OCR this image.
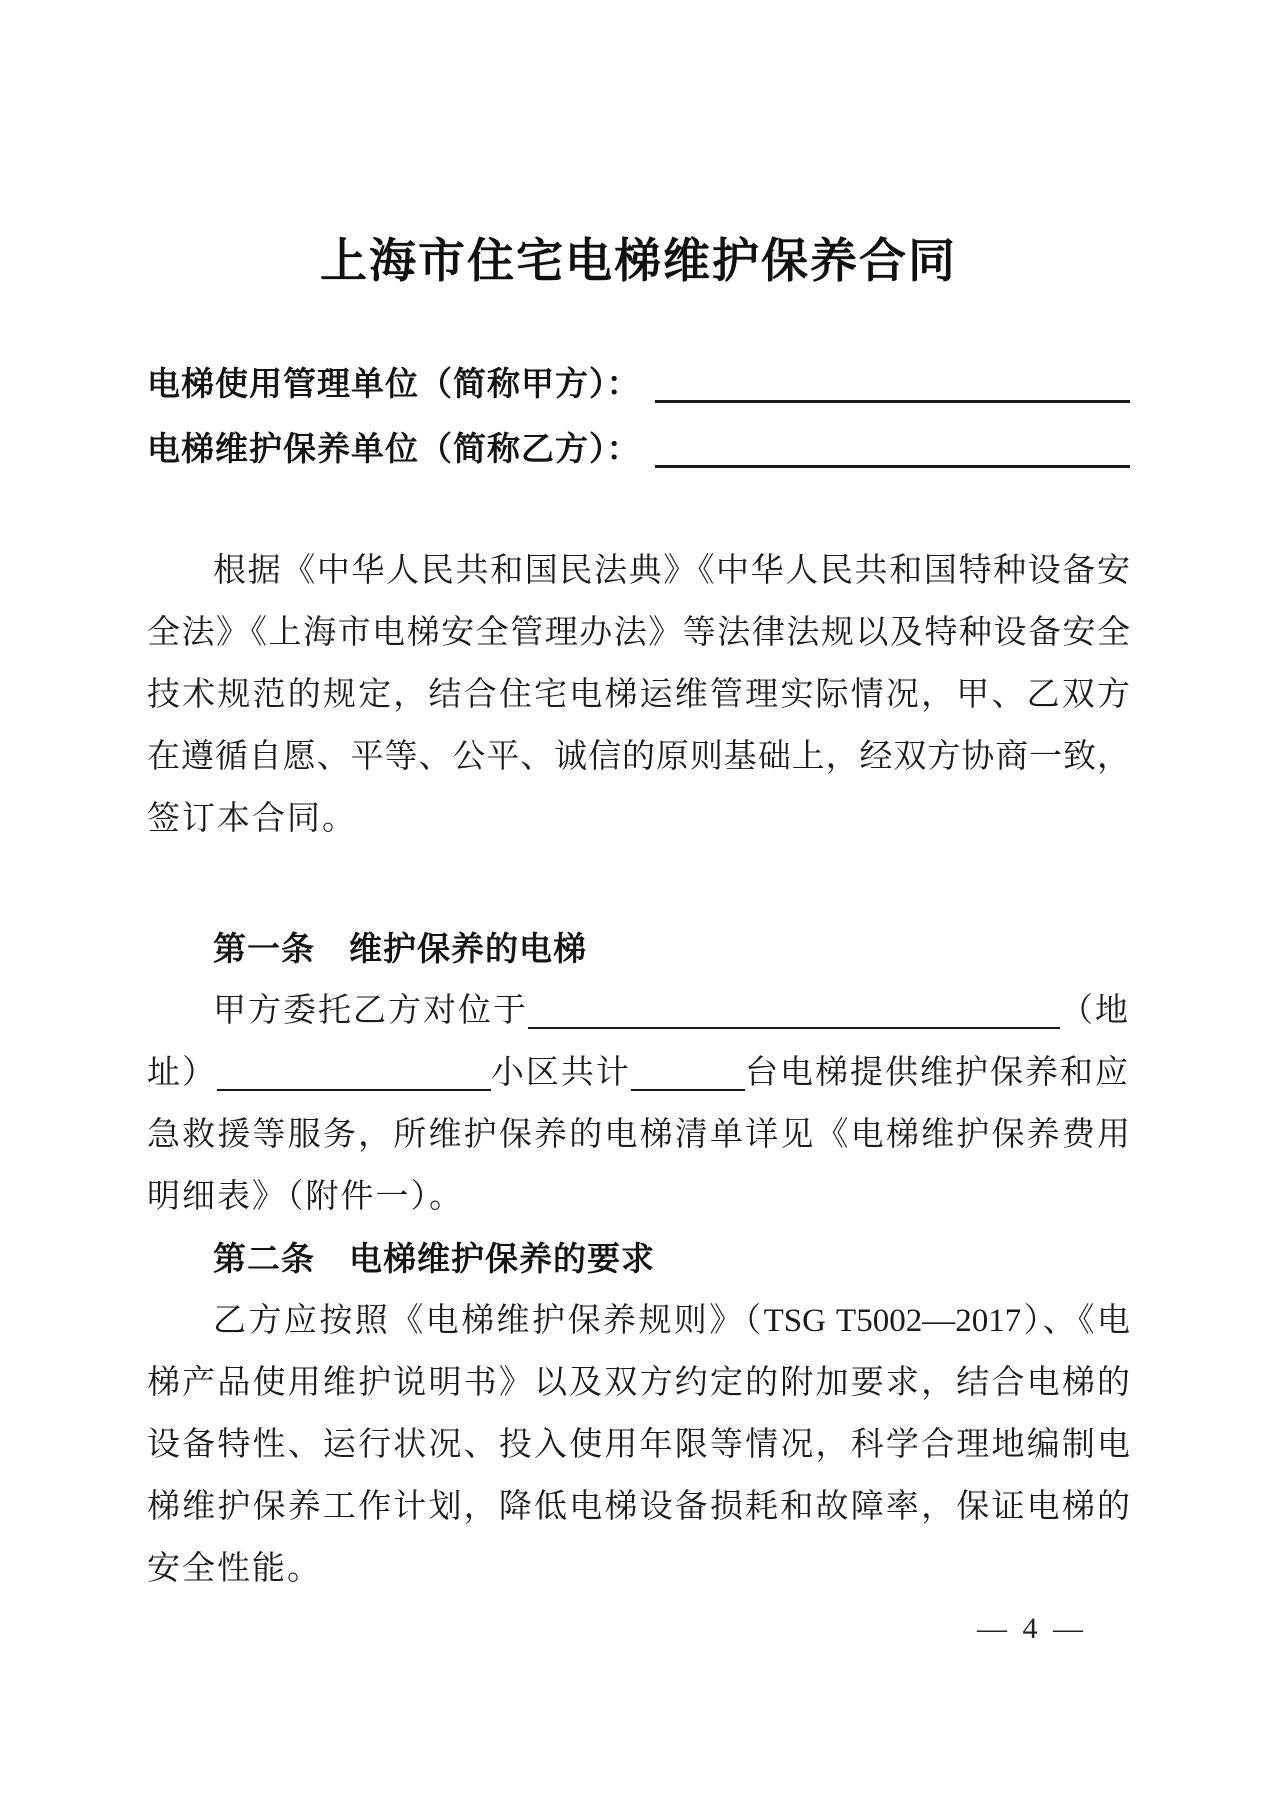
上海市住宅电梯维护保养合同
电梯使用管理单位（简称甲方）：
电梯维护保养单位（简称乙方）：
根据《中华人民共和国民法典》《中华人民共和国特种设备安
全法》《上海市电梯安全管理办法》等法律法规以及特种设备安全
技术规范的规定，结合住宅电梯运维管理实际情况，甲、乙双方
在遵循自愿、平等、公平、诚信的原则基础上，经双方协商一致，
签订本合同。
第一条　维护保养的电梯
甲方委托乙方对位于	（地
址）	小区共计	台电梯提供维护保养和应
急救援等服务，所维护保养的电梯清单详见《电梯维护保养费用
明细表》（附件一）。
第二条　电梯维护保养的要求
乙方应按照《电梯维护保养规则》（TSG T5002—2017）、《电
梯产品使用维护说明书》以及双方约定的附加要求，结合电梯的
设备特性、运行状况、投入使用年限等情况，科学合理地编制电
梯维护保养工作计划，降低电梯设备损耗和故障率，保证电梯的
安全性能。
— 4 —
